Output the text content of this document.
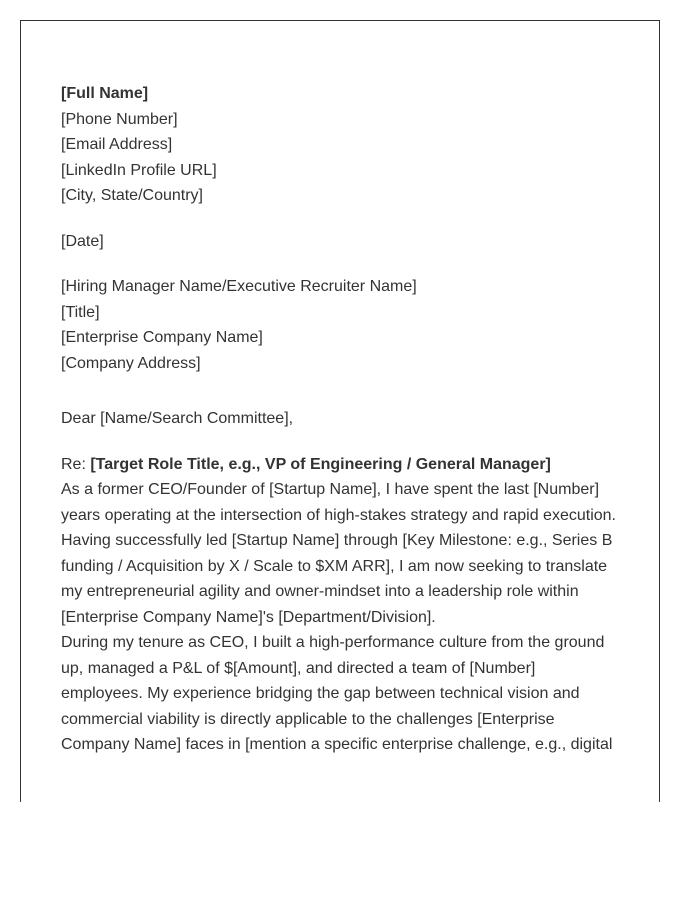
[Full Name]
[Phone Number]
[Email Address]
[LinkedIn Profile URL]
[City, State/Country]
[Date]
[Hiring Manager Name/Executive Recruiter Name]
[Title]
[Enterprise Company Name]
[Company Address]
Dear [Name/Search Committee],
Re: [Target Role Title, e.g., VP of Engineering / General Manager]
As a former CEO/Founder of [Startup Name], I have spent the last [Number]
years operating at the intersection of high-stakes strategy and rapid execution.
Having successfully led [Startup Name] through [Key Milestone: e.g., Series B
funding / Acquisition by X / Scale to $XM ARR], I am now seeking to translate
my entrepreneurial agility and owner-mindset into a leadership role within
[Enterprise Company Name]'s [Department/Division].
During my tenure as CEO, I built a high-performance culture from the ground
up, managed a P&L of $[Amount], and directed a team of [Number]
employees. My experience bridging the gap between technical vision and
commercial viability is directly applicable to the challenges [Enterprise
Company Name] faces in [mention a specific enterprise challenge, e.g., digital
